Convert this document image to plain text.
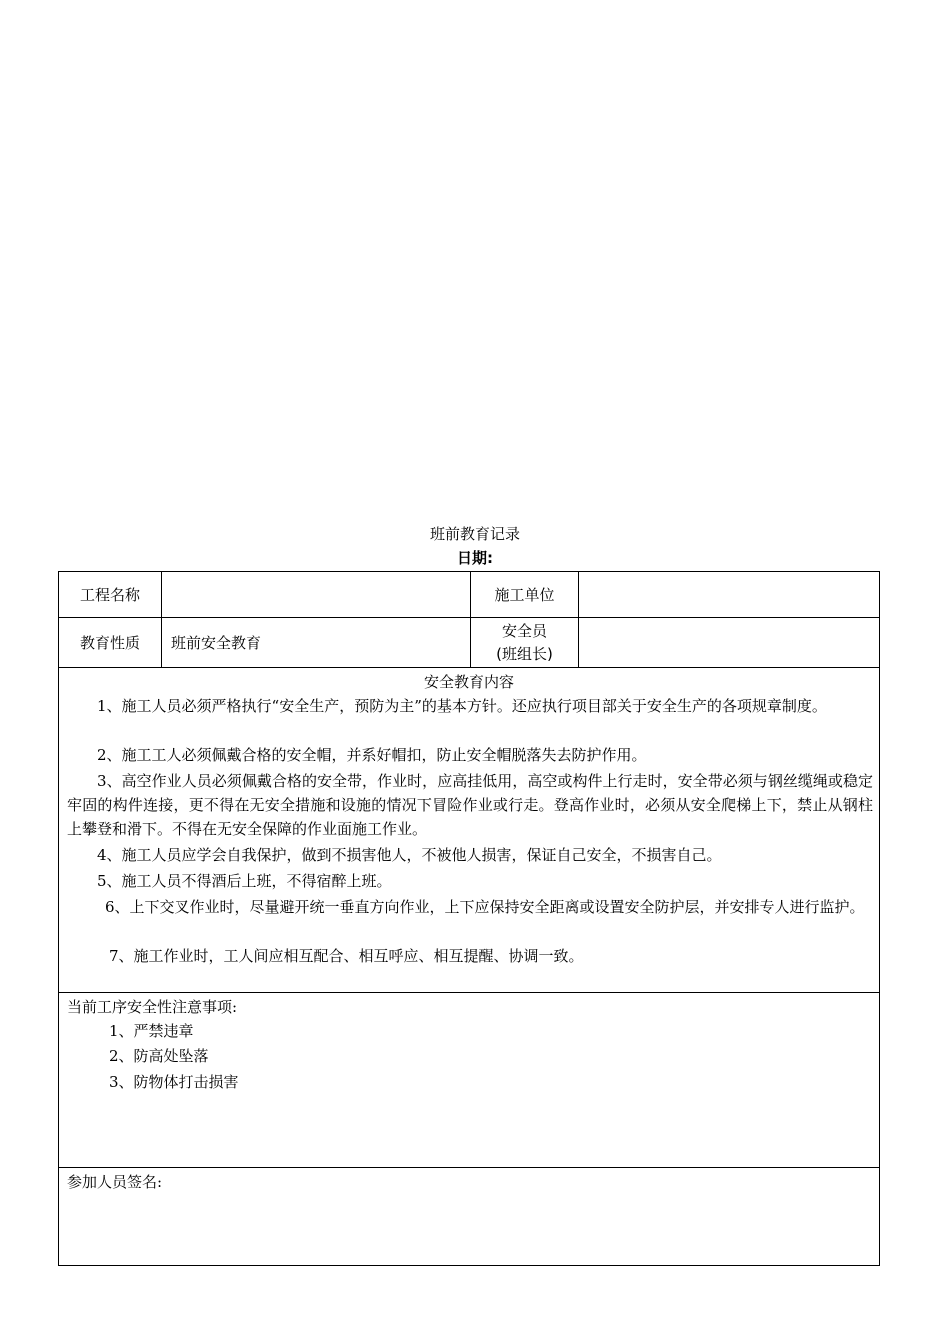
班前教育记录
日期:
工程名称	施工单位
教育性质	班前安全教育
安全员
(班组长)
安全教育内容

1、施工人员必须严格执行“安全生产，预防为主”的基本方针。还应执行项目部关于安全生产的各项规章制度。

2、施工工人必须佩戴合格的安全帽，并系好帽扣，防止安全帽脱落失去防护作用。

3、高空作业人员必须佩戴合格的安全带，作业时，应高挂低用，高空或构件上行走时，安全带必须与钢丝缆绳或稳定牢固的构件连接，更不得在无安全措施和设施的情况下冒险作业或行走。登高作业时，必须从安全爬梯上下，禁止从钢柱上攀登和滑下。不得在无安全保障的作业面施工作业。

4、施工人员应学会自我保护，做到不损害他人，不被他人损害，保证自己安全，不损害自己。

5、施工人员不得酒后上班，不得宿醉上班。

6、上下交叉作业时，尽量避开统一垂直方向作业，上下应保持安全距离或设置安全防护层，并安排专人进行监护。

7、施工作业时，工人间应相互配合、相互呼应、相互提醒、协调一致。

当前工序安全性注意事项:
1、严禁违章
2、防高处坠落
3、防物体打击损害
参加人员签名:
